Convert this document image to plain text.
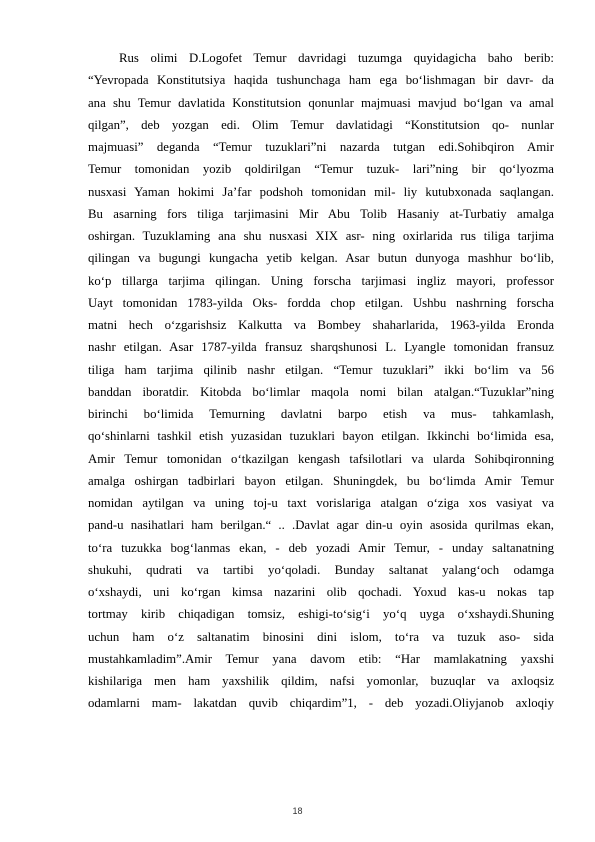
Rus olimi D.Logofet Temur davridagi tuzumga quyidagicha baho berib:
“Yevropada Konstitutsiya haqida tushunchaga ham ega bo‘lishmagan bir davr- da
ana shu Temur davlatida Konstitutsion qonunlar majmuasi mavjud bo‘lgan va amal
qilgan”, deb yozgan edi. Olim Temur davlatidagi “Konstitutsion qo- nunlar
majmuasi” deganda “Temur tuzuklari”ni nazarda tutgan edi.Sohibqiron Amir
Temur tomonidan yozib qoldirilgan “Temur tuzuk- lari”ning bir qo‘lyozma
nusxasi Yaman hokimi Ja’far podshoh tomonidan mil- liy kutubxonada saqlangan.
Bu asarning fors tiliga tarjimasini Mir Abu Tolib Hasaniy at-Turbatiy amalga
oshirgan. Tuzuklaming ana shu nusxasi XIX asr- ning oxirlarida rus tiliga tarjima
qilingan va bugungi kungacha yetib kelgan. Asar butun dunyoga mashhur bo‘lib,
ko‘p tillarga tarjima qilingan. Uning forscha tarjimasi ingliz mayori, professor
Uayt tomonidan 1783-yilda Oks- fordda chop etilgan. Ushbu nashrning forscha
matni hech o‘zgarishsiz Kalkutta va Bombey shaharlarida, 1963-yilda Eronda
nashr etilgan. Asar 1787-yilda fransuz sharqshunosi L. Lyangle tomonidan fransuz
tiliga ham tarjima qilinib nashr etilgan. “Temur tuzuklari” ikki bo‘lim va 56
banddan iboratdir. Kitobda bo‘limlar maqola nomi bilan atalgan.“Tuzuklar”ning
birinchi bo‘limida Temurning davlatni barpo etish va mus- tahkamlash,
qo‘shinlarni tashkil etish yuzasidan tuzuklari bayon etilgan. Ikkinchi bo‘limida esa,
Amir Temur tomonidan o‘tkazilgan kengash tafsilotlari va ularda Sohibqironning
amalga oshirgan tadbirlari bayon etilgan. Shuningdek, bu bo‘limda Amir Temur
nomidan aytilgan va uning toj-u taxt vorislariga atalgan o‘ziga xos vasiyat va
pand-u nasihatlari ham berilgan.“ .. .Davlat agar din-u oyin asosida qurilmas ekan,
to‘ra tuzukka bog‘lanmas ekan, - deb yozadi Amir Temur, - unday saltanatning
shukuhi, qudrati va tartibi yo‘qoladi. Bunday saltanat yalang‘och odamga
o‘xshaydi, uni ko‘rgan kimsa nazarini olib qochadi. Yoxud kas-u nokas tap
tortmay kirib chiqadigan tomsiz, eshigi-to‘sig‘i yo‘q uyga o‘xshaydi.Shuning
uchun ham o‘z saltanatim binosini dini islom, to‘ra va tuzuk aso- sida
mustahkamladim”.Amir Temur yana davom etib: “Har mamlakatning yaxshi
kishilariga men ham yaxshilik qildim, nafsi yomonlar, buzuqlar va axloqsiz
odamlarni mam- lakatdan quvib chiqardim”1, - deb yozadi.Oliyjanob axloqiy
18
